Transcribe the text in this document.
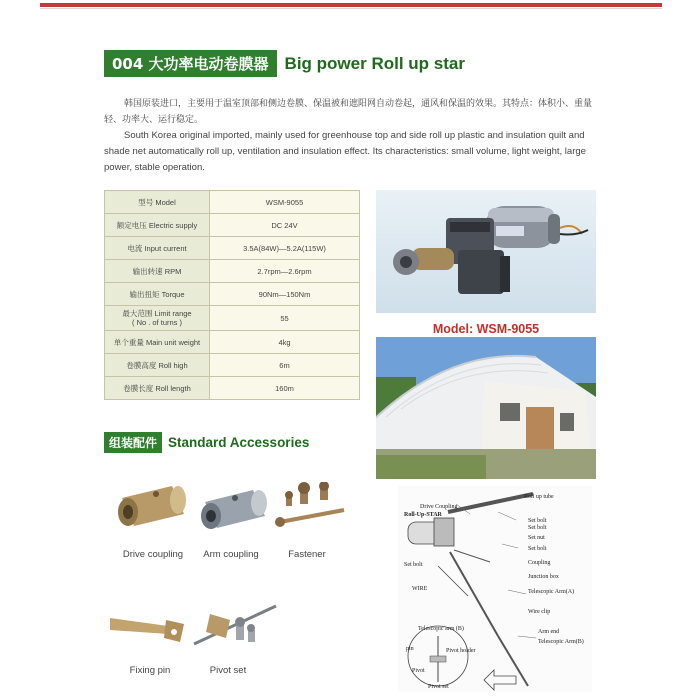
004 大功率电动卷膜器 Big power Roll up star

韩国原装进口，主要用于温室顶部和侧边卷膜、保温被和遮阳网自动卷起，通风和保温的效果。其特点：体积小、重量轻、功率大、运行稳定。

South Korea original imported, mainly used for greenhouse top and side roll up plastic and insulation quilt and shade net automatically roll up, ventilation and insulation effect. Its characteristics: small volume, light weight, large power, stable operation.

型号 Model	WSM-9055
额定电压 Electric supply	DC 24V
电流 Input current	3.5A(84W)—5.2A(115W)
输出转速 RPM	2.7rpm—2.6rpm
输出扭矩 Torque	90Nm—150Nm
最大范围 Limit range
( No . of turns )	55
单个重量 Main unit weight	4kg
卷膜高度 Roll high	6m
卷膜长度 Roll length	160m
Model: WSM-9055
组装配件 Standard Accessories
Drive coupling	Arm coupling	Fastener
Fixing pin	Pivot set
Drive Coupling
Roll up tube
Roll-Up-STAR
Set bolt
Set bolt
Set nut
Set bolt
Set bolt	Coupling
Junction box
WIRE	Telescopic Arm(A)
Wire clip
Arm end
Telescopic Arm(B)
Telescopic arm (B)
pin
Pivot
Pivot holder
Pivot set
